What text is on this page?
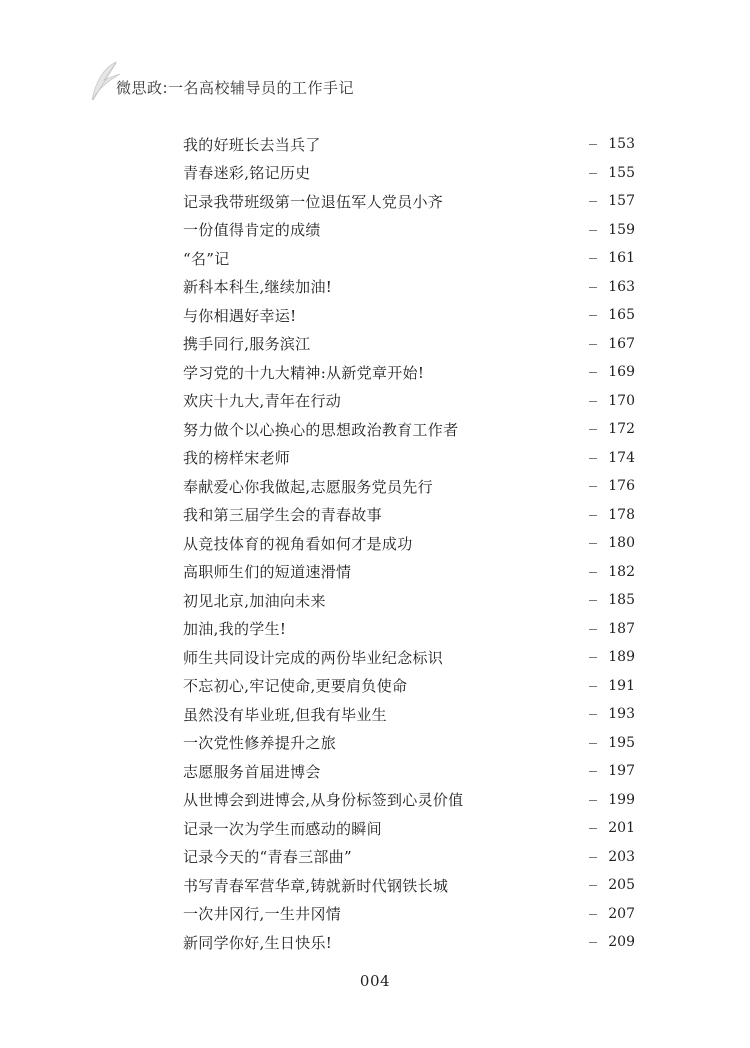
微思政:一名高校辅导员的工作手记
我的好班长去当兵了	153
青春迷彩,铭记历史	155
记录我带班级第一位退伍军人党员小齐	157
一份值得肯定的成绩	159
“名”记	161
新科本科生,继续加油!	163
与你相遇好幸运!	165
携手同行,服务滨江	167
学习党的十九大精神:从新党章开始!	169
欢庆十九大,青年在行动	170
努力做个以心换心的思想政治教育工作者	172
我的榜样宋老师	174
奉献爱心你我做起,志愿服务党员先行	176
我和第三届学生会的青春故事	178
从竞技体育的视角看如何才是成功	180
高职师生们的短道速滑情	182
初见北京,加油向未来	185
加油,我的学生!	187
师生共同设计完成的两份毕业纪念标识	189
不忘初心,牢记使命,更要肩负使命	191
虽然没有毕业班,但我有毕业生	193
一次党性修养提升之旅	195
志愿服务首届进博会	197
从世博会到进博会,从身份标签到心灵价值	199
记录一次为学生而感动的瞬间	201
记录今天的“青春三部曲”	203
书写青春军营华章,铸就新时代钢铁长城	205
一次井冈行,一生井冈情	207
新同学你好,生日快乐!	209
004
